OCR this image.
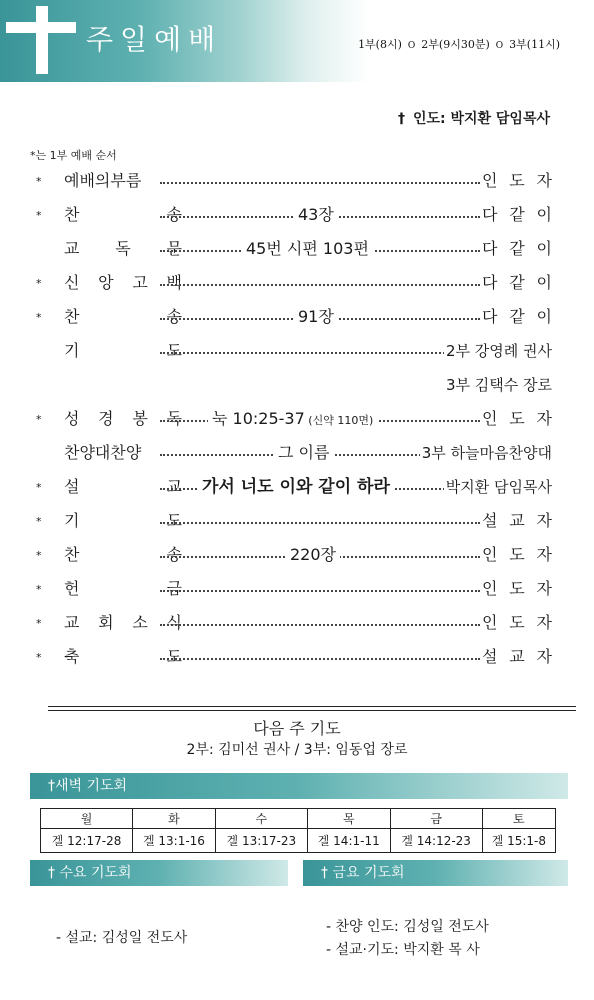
주일예배	1부(8시) O 2부(9시30분) O 3부(11시)
† 인도: 박지환 담임목사
*는 1부 예배 순서
* 예배의부름	인 도 자
* 찬	송	43장	다 같 이
교 독 문	45번 시편 103편	다 같 이
* 신 앙 고 백	다 같 이
* 찬	송	91장	다 같 이
기	도	2부 강영례 권사
3부 김택수 장로
* 성 경 봉 독 눅 10:25-37 (신약 110면)	인 도 자
찬양대찬양	그 이름	3부 하늘마음찬양대
* 설	교 가서 너도 이와 같이 하라	박지환 담임목사
* 기	도	설 교 자
* 찬	송	220장	인 도 자
* 헌	금	인 도 자
* 교 회 소 식	인 도 자
* 축	도	설 교 자
다음 주 기도
2부: 김미선 권사 / 3부: 임동업 장로
†새벽 기도회
월	화	수	목	금	토
겔 12:17-28	겔 13:1-16	겔 13:17-23	겔 14:1-11	겔 14:12-23	겔 15:1-8
† 수요 기도회	† 금요 기도회
- 설교: 김성일 전도사
- 찬양 인도: 김성일 전도사
- 설교·기도: 박지환 목 사
